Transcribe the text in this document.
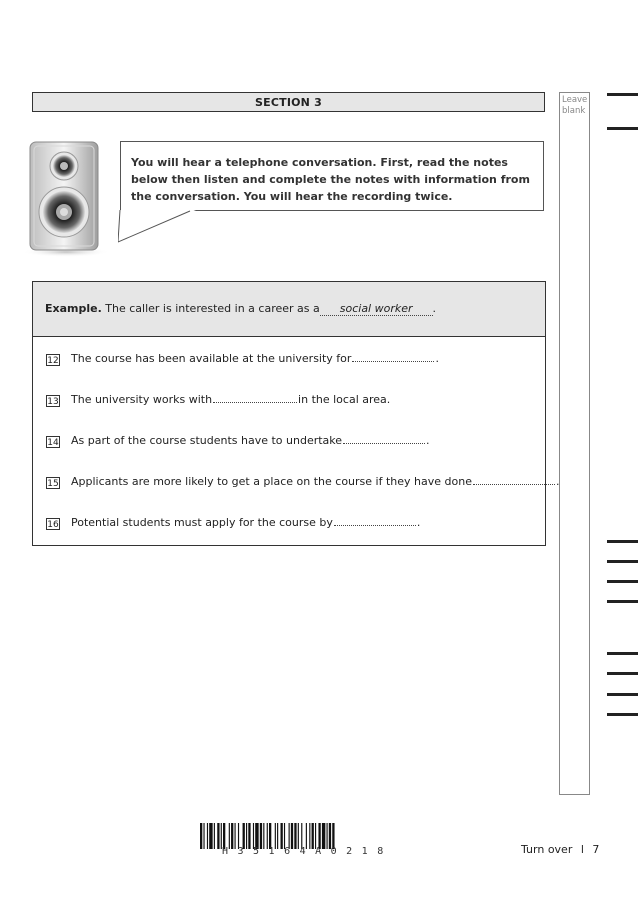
SECTION 3	Leave blank
You will hear a telephone conversation. First, read the notes below then listen and complete the notes with information from the conversation. You will hear the recording twice.
Example. The caller is interested in a career as a social worker .
12 The course has been available at the university for	.
13 The university works with	in the local area.
14 As part of the course students have to undertake	.
15 Applicants are more likely to get a place on the course if they have done	.
16 Potential students must apply for the course by	.
H35164A0218	Turn over l 7
